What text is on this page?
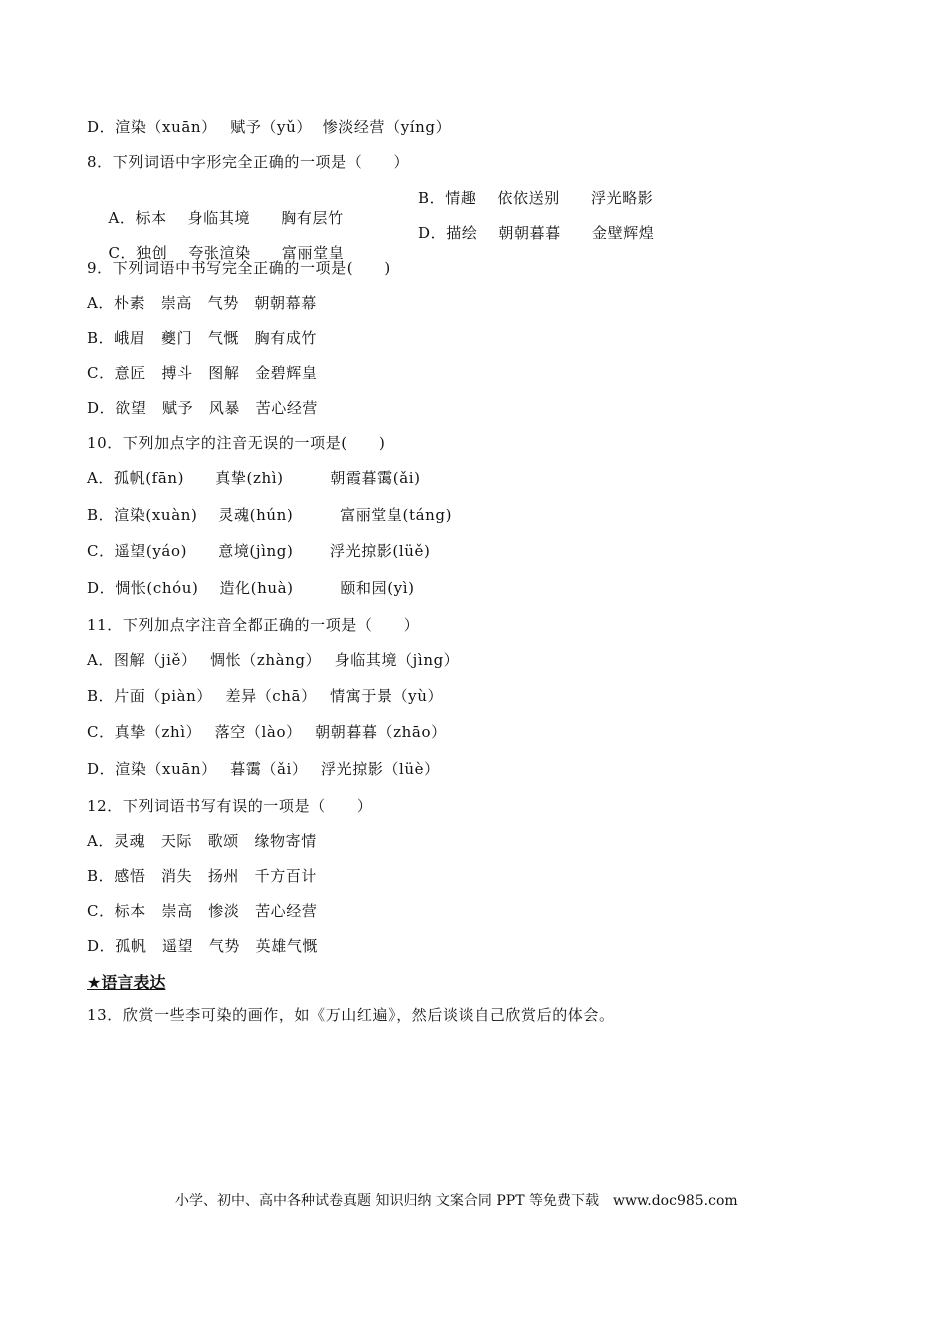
D．渲染（xuān）　 赋予（yǔ）  惨淡经营（yíng）
8．下列词语中字形完全正确的一项是（　　）

A．标本　 身临其境　　胸有层竹

B．情趣　 依依送别　　浮光略影

C．独创　 夸张渲染　　富丽堂皇

D．描绘　 朝朝暮暮　　金壁辉煌

9．下列词语中书写完全正确的一项是(　　)
A．朴素　崇高　气势　朝朝幕幕
B．峨眉　夔门　气慨　胸有成竹
C．意匠　搏斗　图解　金碧辉皇
D．欲望　赋予　风暴　苦心经营
10．下列加点字的注音无误的一项是(　　)
A．孤帆(fān)　　真挚(zhì)　　　朝霞暮霭(ǎi)
B．渲染(xuàn)　 灵魂(hún)　　　富丽堂皇(táng)
C．遥望(yáo)　　意境(jìng)　　 浮光掠影(lüě)
D．惆怅(chóu)　 造化(huà)　　　颐和园(yì)
11．下列加点字注音全都正确的一项是（　　）
A．图解（jiě）　 惆怅（zhàng）　 身临其境（jìng）
B．片面（piàn）　 差异（chā）　 情寓于景（yù）
C．真挚（zhì）　 落空（lào）　 朝朝暮暮（zhāo）
D．渲染（xuān）　 暮霭（ǎi）　 浮光掠影（lüè）
12．下列词语书写有误的一项是（　　）
A．灵魂　天际　歌颂　缘物寄情
B．感悟　消失　扬州　千方百计
C．标本　崇高　惨淡　苦心经营
D．孤帆　遥望　气势　英雄气慨
★语言表达
13．欣赏一些李可染的画作，如《万山红遍》，然后谈谈自己欣赏后的体会。
小学、初中、高中各种试卷真题 知识归纳 文案合同 PPT 等免费下载　www.doc985.com
